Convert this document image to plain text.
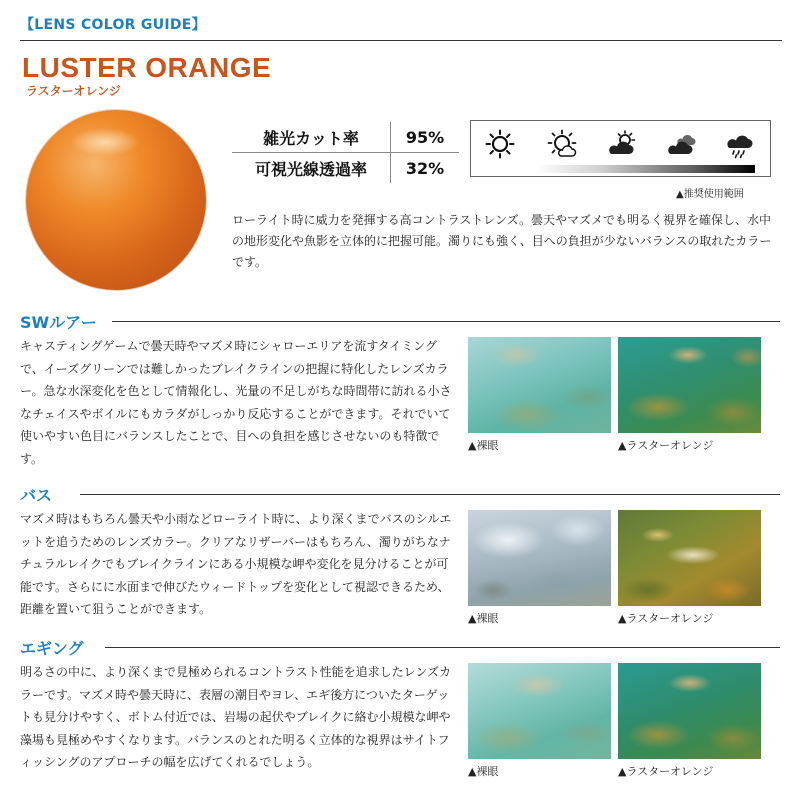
【LENS COLOR GUIDE】
LUSTER ORANGE
ラスターオレンジ
雑光カット率	95%
可視光線透過率	32%
▲推奨使用範囲
ローライト時に威力を発揮する高コントラストレンズ。曇天やマズメでも明るく視界を確保し、水中の地形変化や魚影を立体的に把握可能。濁りにも強く、目への負担が少ないバランスの取れたカラーです。
SWルアー
キャスティングゲームで曇天時やマズメ時にシャローエリアを流すタイミングで、イーズグリーンでは難しかったブレイクラインの把握に特化したレンズカラー。急な水深変化を色として情報化し、光量の不足しがちな時間帯に訪れる小さなチェイスやボイルにもカラダがしっかり反応することができます。それでいて使いやすい色目にバランスしたことで、目への負担を感じさせないのも特徴です。
▲裸眼	▲ラスターオレンジ
バス
マズメ時はもちろん曇天や小雨などローライト時に、より深くまでバスのシルエットを追うためのレンズカラー。クリアなリザーバーはもちろん、濁りがちなナチュラルレイクでもブレイクラインにある小規模な岬や変化を見分けることが可能です。さらにに水面まで伸びたウィードトップを変化として視認できるため、距離を置いて狙うことができます。
▲裸眼	▲ラスターオレンジ
エギング
明るさの中に、より深くまで見極められるコントラスト性能を追求したレンズカラーです。マズメ時や曇天時に、表層の潮目やヨレ、エギ後方についたターゲットも見分けやすく、ボトム付近では、岩場の起伏やブレイクに絡む小規模な岬や藻場も見極めやすくなります。バランスのとれた明るく立体的な視界はサイトフィッシングのアプローチの幅を広げてくれるでしょう。
▲裸眼	▲ラスターオレンジ
